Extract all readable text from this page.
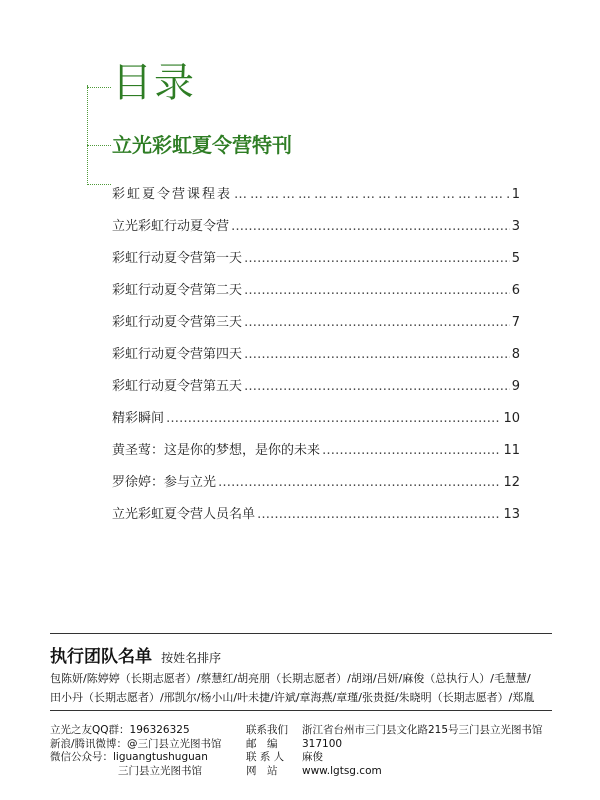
目录
立光彩虹夏令营特刊
彩虹夏令营课程表 …………………………………………………………………………………………………………………………………………	1
立光彩虹行动夏令营 …………………………………………………………………………………………………………………………………………	3
彩虹行动夏令营第一天 …………………………………………………………………………………………………………………………………………	5
彩虹行动夏令营第二天 …………………………………………………………………………………………………………………………………………	6
彩虹行动夏令营第三天 …………………………………………………………………………………………………………………………………………	7
彩虹行动夏令营第四天 …………………………………………………………………………………………………………………………………………	8
彩虹行动夏令营第五天 …………………………………………………………………………………………………………………………………………	9
精彩瞬间 …………………………………………………………………………………………………………………………………………	10
黄圣莺：这是你的梦想，是你的未来 …………………………………………………………………………………………………………………………………………	11
罗徐婷：参与立光 …………………………………………………………………………………………………………………………………………	12
立光彩虹夏令营人员名单 …………………………………………………………………………………………………………………………………………	13
执行团队名单 按姓名排序
包陈妍/陈婷婷（长期志愿者）/蔡慧红/胡亮朋（长期志愿者）/胡翊/吕妍/麻俊（总执行人）/毛慧慧/
田小丹（长期志愿者）/邢凯尔/杨小山/叶未捷/许斌/章海燕/章瑾/张贵挺/朱晓明（长期志愿者）/郑胤
立光之友QQ群：196326325
新浪/腾讯微博：@三门县立光图书馆
微信公众号：liguangtushuguan
三门县立光图书馆
联系我们	浙江省台州市三门县文化路215号三门县立光图书馆
邮　编	317100
联 系 人	麻俊
网　站	www.lgtsg.com
